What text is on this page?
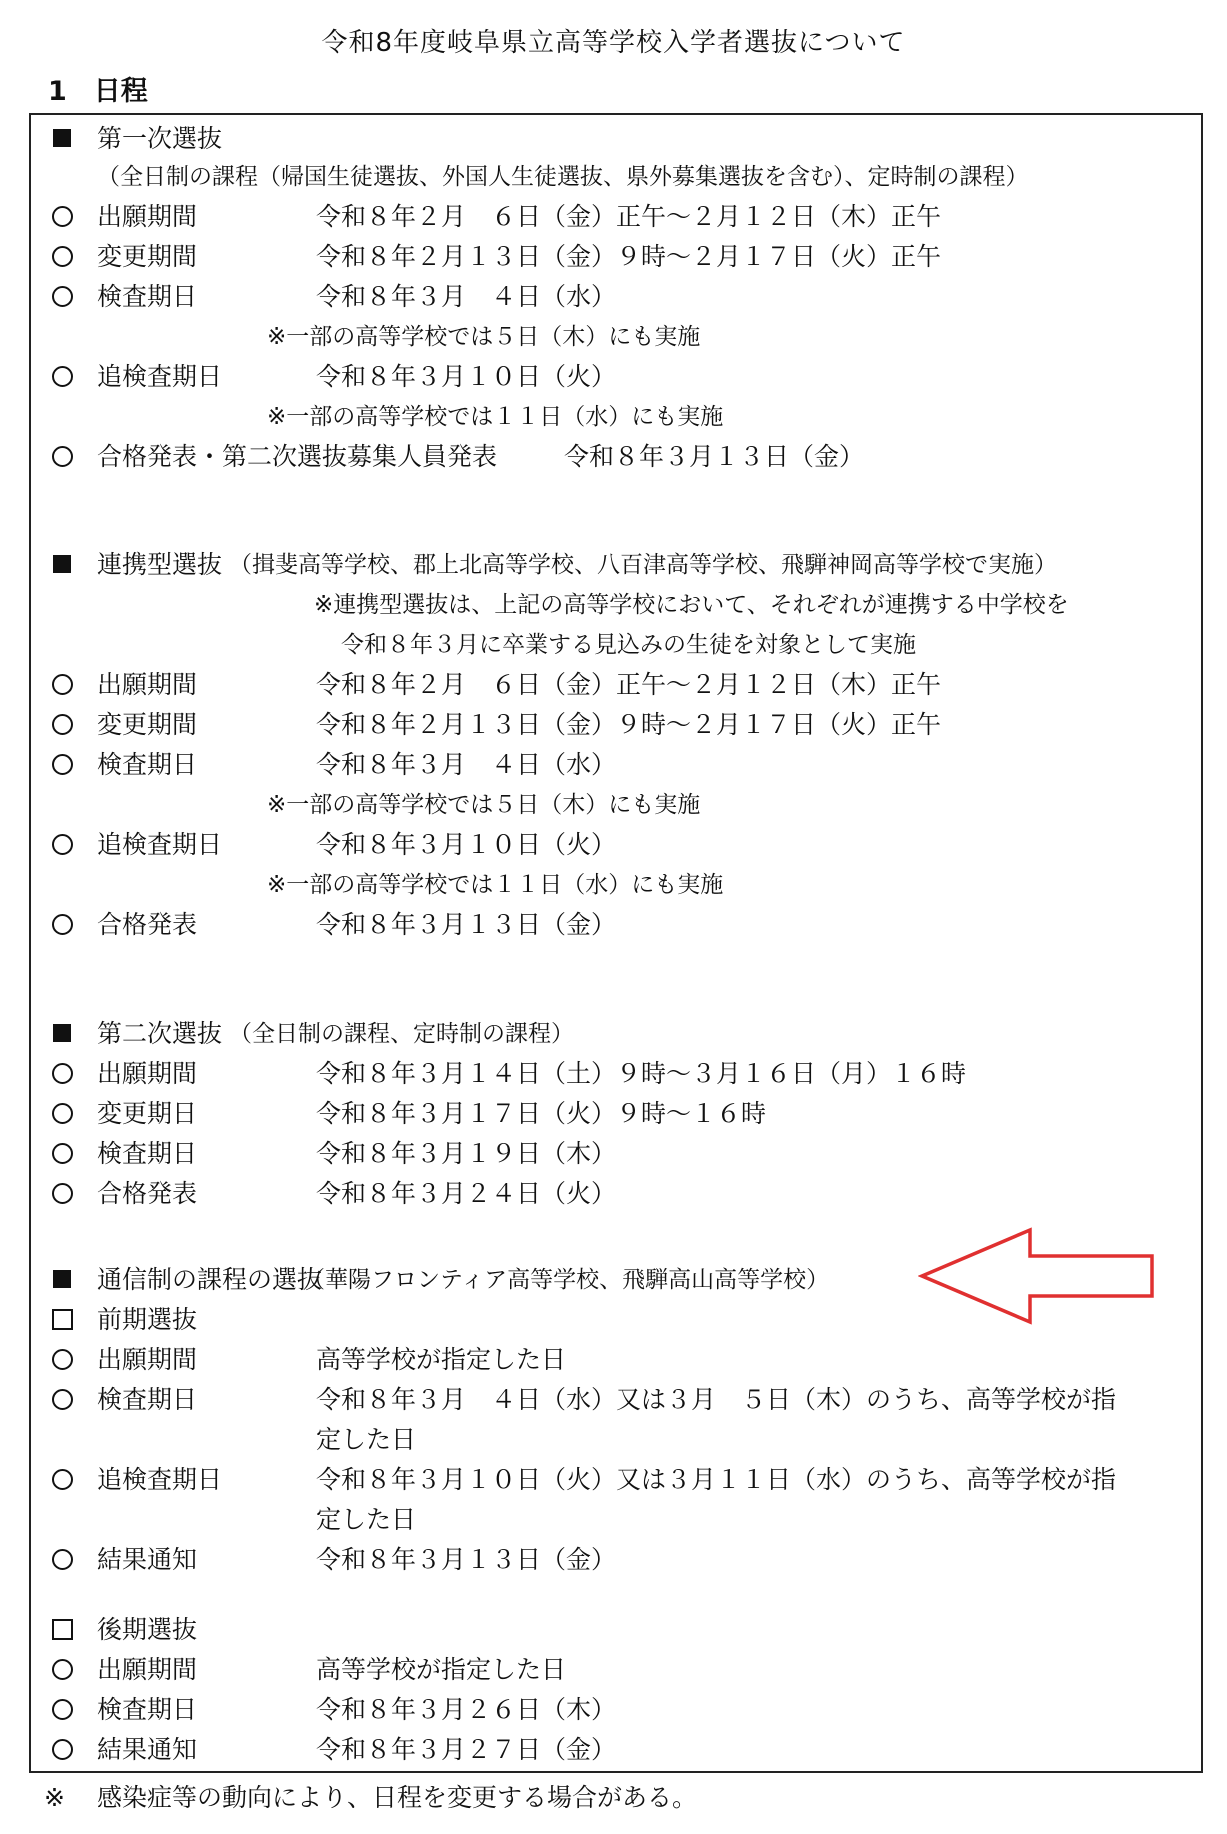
令和8年度岐阜県立高等学校入学者選抜について
1　日程
第一次選抜
（全日制の課程（帰国生徒選抜、外国人生徒選抜、県外募集選抜を含む）、定時制の課程）
出願期間	令和８年２月　６日（金）正午～２月１２日（木）正午
変更期間	令和８年２月１３日（金）９時～２月１７日（火）正午
検査期日	令和８年３月　４日（水）
※一部の高等学校では５日（木）にも実施
追検査期日	令和８年３月１０日（火）
※一部の高等学校では１１日（水）にも実施
合格発表・第二次選抜募集人員発表	令和８年３月１３日（金）
連携型選抜 （揖斐高等学校、郡上北高等学校、八百津高等学校、飛騨神岡高等学校で実施）
※連携型選抜は、上記の高等学校において、それぞれが連携する中学校を
令和８年３月に卒業する見込みの生徒を対象として実施
出願期間	令和８年２月　６日（金）正午～２月１２日（木）正午
変更期間	令和８年２月１３日（金）９時～２月１７日（火）正午
検査期日	令和８年３月　４日（水）
※一部の高等学校では５日（木）にも実施
追検査期日	令和８年３月１０日（火）
※一部の高等学校では１１日（水）にも実施
合格発表	令和８年３月１３日（金）
第二次選抜 （全日制の課程、定時制の課程）
出願期間	令和８年３月１４日（土）９時～３月１６日（月）１６時
変更期日	令和８年３月１７日（火）９時～１６時
検査期日	令和８年３月１９日（木）
合格発表	令和８年３月２４日（火）
通信制の課程の選抜
（華陽フロンティア高等学校、飛騨高山高等学校）
前期選抜
出願期間	高等学校が指定した日
検査期日	令和８年３月　４日（水）又は３月　５日（木）のうち、高等学校が指
定した日
追検査期日	令和８年３月１０日（火）又は３月１１日（水）のうち、高等学校が指
定した日
結果通知	令和８年３月１３日（金）
後期選抜
出願期間	高等学校が指定した日
検査期日	令和８年３月２６日（木）
結果通知	令和８年３月２７日（金）
※ 感染症等の動向により、日程を変更する場合がある。
